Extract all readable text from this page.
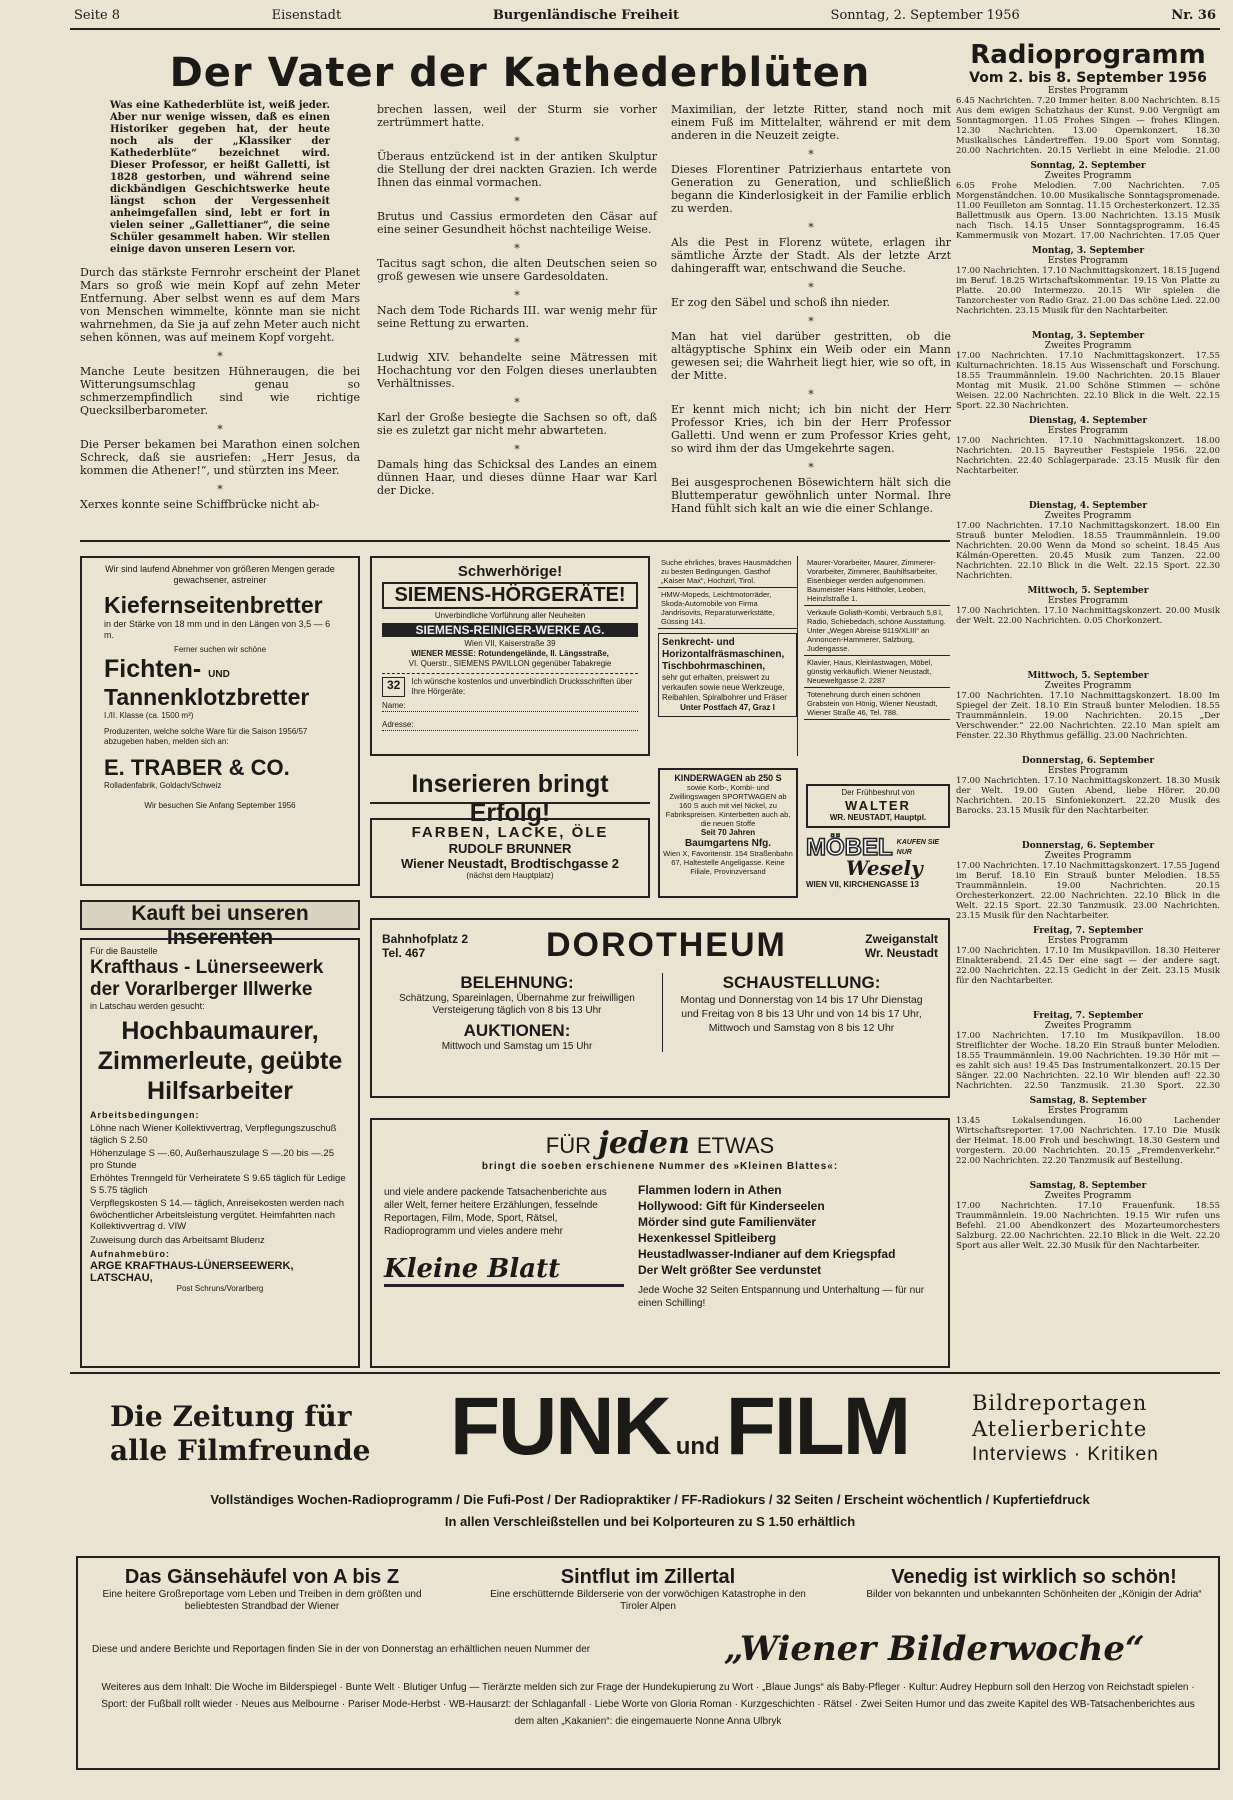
Seite 8	Eisenstadt	Burgenländische Freiheit	Sonntag, 2. September 1956	Nr. 36
Der Vater der Kathederblüten
Was eine Kathederblüte ist, weiß jeder. Aber nur wenige wissen, daß es einen Historiker gegeben hat, der heute noch als der „Klassiker der Kathederblüte“ bezeichnet wird. Dieser Professor, er heißt Galletti, ist 1828 gestorben, und während seine dickbändigen Geschichtswerke heute längst schon der Vergessenheit anheimgefallen sind, lebt er fort in vielen seiner „Gallettianer“, die seine Schüler gesammelt haben. Wir stellen einige davon unseren Lesern vor.

Durch das stärkste Fernrohr erscheint der Planet Mars so groß wie mein Kopf auf zehn Meter Entfernung. Aber selbst wenn es auf dem Mars von Menschen wimmelte, könnte man sie nicht wahrnehmen, da Sie ja auf zehn Meter auch nicht sehen können, was auf meinem Kopf vorgeht.

*

Manche Leute besitzen Hühneraugen, die bei Witterungsumschlag genau so schmerzempfindlich sind wie richtige Quecksilberbarometer.

*

Die Perser bekamen bei Marathon einen solchen Schreck, daß sie ausriefen: „Herr Jesus, da kommen die Athener!“, und stürzten ins Meer.

*

Xerxes konnte seine Schiffbrücke nicht ab-

brechen lassen, weil der Sturm sie vorher zertrümmert hatte.

*

Überaus entzückend ist in der antiken Skulptur die Stellung der drei nackten Grazien. Ich werde Ihnen das einmal vormachen.

*

Brutus und Cassius ermordeten den Cäsar auf eine seiner Gesundheit höchst nachteilige Weise.

*

Tacitus sagt schon, die alten Deutschen seien so groß gewesen wie unsere Gardesoldaten.

*

Nach dem Tode Richards III. war wenig mehr für seine Rettung zu erwarten.

*

Ludwig XIV. behandelte seine Mätressen mit Hochachtung vor den Folgen dieses unerlaubten Verhältnisses.

*

Karl der Große besiegte die Sachsen so oft, daß sie es zuletzt gar nicht mehr abwarteten.

*

Damals hing das Schicksal des Landes an einem dünnen Haar, und dieses dünne Haar war Karl der Dicke.

Maximilian, der letzte Ritter, stand noch mit einem Fuß im Mittelalter, während er mit dem anderen in die Neuzeit zeigte.

*

Dieses Florentiner Patrizierhaus entartete von Generation zu Generation, und schließlich begann die Kinderlosigkeit in der Familie erblich zu werden.

*

Als die Pest in Florenz wütete, erlagen ihr sämtliche Ärzte der Stadt. Als der letzte Arzt dahingerafft war, entschwand die Seuche.

*

Er zog den Säbel und schoß ihn nieder.

*

Man hat viel darüber gestritten, ob die altägyptische Sphinx ein Weib oder ein Mann gewesen sei; die Wahrheit liegt hier, wie so oft, in der Mitte.

*

Er kennt mich nicht; ich bin nicht der Herr Professor Kries, ich bin der Herr Professor Galletti. Und wenn er zum Professor Kries geht, so wird ihm der das Umgekehrte sagen.

*

Bei ausgesprochenen Bösewichtern hält sich die Bluttemperatur gewöhnlich unter Normal. Ihre Hand fühlt sich kalt an wie die einer Schlange.

Radioprogramm
Vom 2. bis 8. September 1956
Erstes Programm
6.45 Nachrichten. 7.20 Immer heiter. 8.00 Nachrichten. 8.15 Aus dem ewigen Schatzhaus der Kunst. 9.00 Vergnügt am Sonntagmorgen. 11.05 Frohes Singen — frohes Klingen. 12.30 Nachrichten. 13.00 Opernkonzert. 18.30 Musikalisches Ländertreffen. 19.00 Sport vom Sonntag. 20.00 Nachrichten. 20.15 Verliebt in eine Melodie. 21.00
Sonntag, 2. September
Zweites Programm
6.05 Frohe Melodien. 7.00 Nachrichten. 7.05 Morgenständchen. 10.00 Musikalische Sonntagspromenade. 11.00 Feuilleton am Sonntag. 11.15 Orchesterkonzert. 12.35 Ballettmusik aus Opern. 13.00 Nachrichten. 13.15 Musik nach Tisch. 14.15 Unser Sonntagsprogramm. 16.45 Kammermusik von Mozart. 17.00 Nachrichten. 17.05 Quer
Montag, 3. September
Erstes Programm
17.00 Nachrichten. 17.10 Nachmittagskonzert. 18.15 Jugend im Beruf. 18.25 Wirtschaftskommentar. 19.15 Von Platte zu Platte. 20.00 Intermezzo. 20.15 Wir spielen die Tanzorchester von Radio Graz. 21.00 Das schöne Lied. 22.00 Nachrichten. 23.15 Musik für den Nachtarbeiter.
Montag, 3. September
Zweites Programm
17.00 Nachrichten. 17.10 Nachmittagskonzert. 17.55 Kulturnachrichten. 18.15 Aus Wissenschaft und Forschung. 18.55 Traummännlein. 19.00 Nachrichten. 20.15 Blauer Montag mit Musik. 21.00 Schöne Stimmen — schöne Weisen. 22.00 Nachrichten. 22.10 Blick in die Welt. 22.15 Sport. 22.30 Nachrichten.
Dienstag, 4. September
Erstes Programm
17.00 Nachrichten. 17.10 Nachmittagskonzert. 18.00 Nachrichten. 20.15 Bayreuther Festspiele 1956. 22.00 Nachrichten. 22.40 Schlagerparade. 23.15 Musik für den Nachtarbeiter.
Dienstag, 4. September
Zweites Programm
17.00 Nachrichten. 17.10 Nachmittagskonzert. 18.00 Ein Strauß bunter Melodien. 18.55 Traummännlein. 19.00 Nachrichten. 20.00 Wenn da Mond so scheint. 18.45 Aus Kálmán-Operetten. 20.45 Musik zum Tanzen. 22.00 Nachrichten. 22.10 Blick in die Welt. 22.15 Sport. 22.30 Nachrichten.
Mittwoch, 5. September
Erstes Programm
17.00 Nachrichten. 17.10 Nachmittagskonzert. 20.00 Musik der Welt. 22.00 Nachrichten. 0.05 Chorkonzert.
Mittwoch, 5. September
Zweites Programm
17.00 Nachrichten. 17.10 Nachmittagskonzert. 18.00 Im Spiegel der Zeit. 18.10 Ein Strauß bunter Melodien. 18.55 Traummännlein. 19.00 Nachrichten. 20.15 „Der Verschwender.“ 22.00 Nachrichten. 22.10 Man spielt am Fenster. 22.30 Rhythmus gefällig. 23.00 Nachrichten.
Donnerstag, 6. September
Erstes Programm
17.00 Nachrichten. 17.10 Nachmittagskonzert. 18.30 Musik der Welt. 19.00 Guten Abend, liebe Hörer. 20.00 Nachrichten. 20.15 Sinfoniekonzert. 22.20 Musik des Barocks. 23.15 Musik für den Nachtarbeiter.
Donnerstag, 6. September
Zweites Programm
17.00 Nachrichten. 17.10 Nachmittagskonzert. 17.55 Jugend im Beruf. 18.10 Ein Strauß bunter Melodien. 18.55 Traummännlein. 19.00 Nachrichten. 20.15 Orchesterkonzert. 22.00 Nachrichten. 22.10 Blick in die Welt. 22.15 Sport. 22.30 Tanzmusik. 23.00 Nachrichten. 23.15 Musik für den Nachtarbeiter.
Freitag, 7. September
Erstes Programm
17.00 Nachrichten. 17.10 Im Musikpavillon. 18.30 Heiterer Einakterabend. 21.45 Der eine sagt — der andere sagt. 22.00 Nachrichten. 22.15 Gedicht in der Zeit. 23.15 Musik für den Nachtarbeiter.
Freitag, 7. September
Zweites Programm
17.00 Nachrichten. 17.10 Im Musikpavillon. 18.00 Streiflichter der Woche. 18.20 Ein Strauß bunter Melodien. 18.55 Traummännlein. 19.00 Nachrichten. 19.30 Hör mit — es zahlt sich aus! 19.45 Das Instrumentalkonzert. 20.15 Der Sänger. 22.00 Nachrichten. 22.10 Wir blenden auf! 22.30 Nachrichten. 22.50 Tanzmusik. 21.30 Sport. 22.30
Samstag, 8. September
Erstes Programm
13.45 Lokalsendungen. 16.00 Lachender Wirtschaftsreporter. 17.00 Nachrichten. 17.10 Die Musik der Heimat. 18.00 Froh und beschwingt. 18.30 Gestern und vorgestern. 20.00 Nachrichten. 20.15 „Fremdenverkehr.“ 22.00 Nachrichten. 22.20 Tanzmusik auf Bestellung.
Samstag, 8. September
Zweites Programm
17.00 Nachrichten. 17.10 Frauenfunk. 18.55 Traummännlein. 19.00 Nachrichten. 19.15 Wir rufen uns Befehl. 21.00 Abendkonzert des Mozarteumorchesters Salzburg. 22.00 Nachrichten. 22.10 Blick in die Welt. 22.20 Sport aus aller Welt. 22.30 Musik für den Nachtarbeiter.
Wir sind laufend Abnehmer von größeren Mengen gerade gewachsener, astreiner
Kiefernseitenbretter
in der Stärke von 18 mm und in den Längen von 3,5 — 6 m.
Ferner suchen wir schöne
Fichten- UND
Tannenklotzbretter
I./II. Klasse (ca. 1500 m³)
Produzenten, welche solche Ware für die Saison 1956/57 abzugeben haben, melden sich an:
E. TRABER & CO.
Rolladenfabrik, Goldach/Schweiz
Wir besuchen Sie Anfang September 1956
Schwerhörige!
SIEMENS-HÖRGERÄTE!
Unverbindliche Vorführung aller Neuheiten
SIEMENS-REINIGER-WERKE AG.
Wien VII, Kaiserstraße 39
WIENER MESSE: Rotundengelände, II. Längsstraße,
VI. Querstr., SIEMENS PAVILLON gegenüber Tabakregie
32	Ich wünsche kostenlos und unverbindlich Drucksschriften über Ihre Hörgeräte:
Name:
Adresse:
Suche ehrliches, braves Hausmädchen zu besten Bedingungen. Gasthof „Kaiser Max“, Hochzirl, Tirol.
HMW-Mopeds, Leichtmotorräder, Skoda-Automobile von Firma Jandrisovits, Reparaturwerkstätte, Güssing 141.
Senkrecht- und Horizontalfräsmaschinen, Tischbohrmaschinen,
sehr gut erhalten, preiswert zu verkaufen sowie neue Werkzeuge, Reibahlen, Spiralbohrer und Fräser
Unter Postfach 47, Graz I
Maurer-Vorarbeiter, Maurer, Zimmerer-Vorarbeiter, Zimmerer, Bauhilfsarbeiter, Eisenbieger werden aufgenommen. Baumeister Hans Hittholer, Leoben, Heinzlstraße 1.
Verkaufe Goliath-Kombi, Verbrauch 5,8 l, Radio, Schiebedach, schöne Ausstattung. Unter „Wegen Abreise 9119/XLIII“ an Annoncen-Hammerer, Salzburg, Judengasse.
Klavier, Haus, Kleinlastwagen, Möbel, günstig verkäuflich. Wiener Neustadt, Neueweltgasse 2. 2287
Totenehrung durch einen schönen Grabstein von Hönig, Wiener Neustadt, Wiener Straße 46, Tel. 788.
Inserieren bringt Erfolg!
FARBEN, LACKE, ÖLE
RUDOLF BRUNNER
Wiener Neustadt, Brodtischgasse 2
(nächst dem Hauptplatz)
KINDERWAGEN ab 250 S
sowie Korb-, Kombi- und Zwillingswagen SPORTWAGEN ab 160 S auch mit viel Nickel, zu Fabrikspreisen. Kinterbetten auch ab, die neuen Stoffe
Seit 70 Jahren
Baumgartens Nfg.
Wien X, Favoritenstr. 154 Straßenbahn 67, Haltestelle Angeligasse. Keine Filiale, Provinzversand
Der Frühbeshrut von
WALTER
WR. NEUSTADT, Hauptpl.
MÖBEL KAUFEN SIE NUR
Wesely
WIEN VII, KIRCHENGASSE 13
Kauft bei unseren Inserenten
Für die Baustelle
Krafthaus - Lünerseewerk der Vorarlberger Illwerke
in Latschau werden gesucht:
Hochbaumaurer, Zimmerleute, geübte Hilfsarbeiter
Arbeitsbedingungen:
Löhne nach Wiener Kollektivvertrag, Verpflegungszuschuß täglich S 2.50
Höhenzulage S —.60, Außerhauszulage S —.20 bis —.25 pro Stunde
Erhöhtes Trenngeld für Verheiratete S 9.65 täglich für Ledige S 5.75 täglich
Verpflegskosten S 14.— täglich, Anreisekosten werden nach 6wöchentlicher Arbeitsleistung vergütet. Heimfahrten nach Kollektivvertrag d. VIW
Zuweisung durch das Arbeitsamt Bludenz
Aufnahmebüro:
ARGE KRAFTHAUS-LÜNERSEEWERK, LATSCHAU,
Post Schruns/Vorarlberg
Bahnhofplatz 2
Tel. 467	DOROTHEUM	Zweiganstalt
Wr. Neustadt
BELEHNUNG:
Schätzung, Spareinlagen, Übernahme zur freiwilligen Versteigerung täglich von 8 bis 13 Uhr
AUKTIONEN:
Mittwoch und Samstag um 15 Uhr
SCHAUSTELLUNG:
Montag und Donnerstag von 14 bis 17 Uhr Dienstag und Freitag von 8 bis 13 Uhr und von 14 bis 17 Uhr, Mittwoch und Samstag von 8 bis 12 Uhr
FÜR jeden ETWAS
bringt die soeben erschienene Nummer des »Kleinen Blattes«:
und viele andere packende Tatsachenberichte aus aller Welt, ferner heitere Erzählungen, fesselnde Reportagen, Film, Mode, Sport, Rätsel, Radioprogramm und vieles andere mehr
Kleine Blatt
Flammen lodern in Athen
Hollywood: Gift für Kinderseelen
Mörder sind gute Familienväter
Hexenkessel Spitleiberg
Heustadlwasser-Indianer auf dem Kriegspfad
Der Welt größter See verdunstet
Jede Woche 32 Seiten Entspannung und Unterhaltung — für nur einen Schilling!
Die Zeitung für
alle Filmfreunde FUNK undFILM	Bildreportagen
Atelierberichte
Interviews · Kritiken
Vollständiges Wochen-Radioprogramm / Die Fufi-Post / Der Radiopraktiker / FF-Radiokurs / 32 Seiten / Erscheint wöchentlich / Kupfertiefdruck
In allen Verschleißstellen und bei Kolporteuren zu S 1.50 erhältlich
Das Gänsehäufel von A bis Z
Eine heitere Großreportage vom Leben und Treiben in dem größten und beliebtesten Strandbad der Wiener
Sintflut im Zillertal
Eine erschütternde Bilderserie von der vorwöchigen Katastrophe in den Tiroler Alpen
Venedig ist wirklich so schön!
Bilder von bekannten und unbekannten Schönheiten der „Königin der Adria“
Diese und andere Berichte und Reportagen finden Sie in der von Donnerstag an erhältlichen neuen Nummer der	„Wiener Bilderwoche“
Weiteres aus dem Inhalt: Die Woche im Bilderspiegel · Bunte Welt · Blutiger Unfug — Tierärzte melden sich zur Frage der Hundekupierung zu Wort · „Blaue Jungs“ als Baby-Pfleger · Kultur: Audrey Hepburn soll den Herzog von Reichstadt spielen · Sport: der Fußball rollt wieder · Neues aus Melbourne · Pariser Mode-Herbst · WB-Hausarzt: der Schlaganfall · Liebe Worte von Gloria Roman · Kurzgeschichten · Rätsel · Zwei Seiten Humor und das zweite Kapitel des WB-Tatsachenberichtes aus dem alten „Kakanien“: die eingemauerte Nonne Anna Ulbryk
